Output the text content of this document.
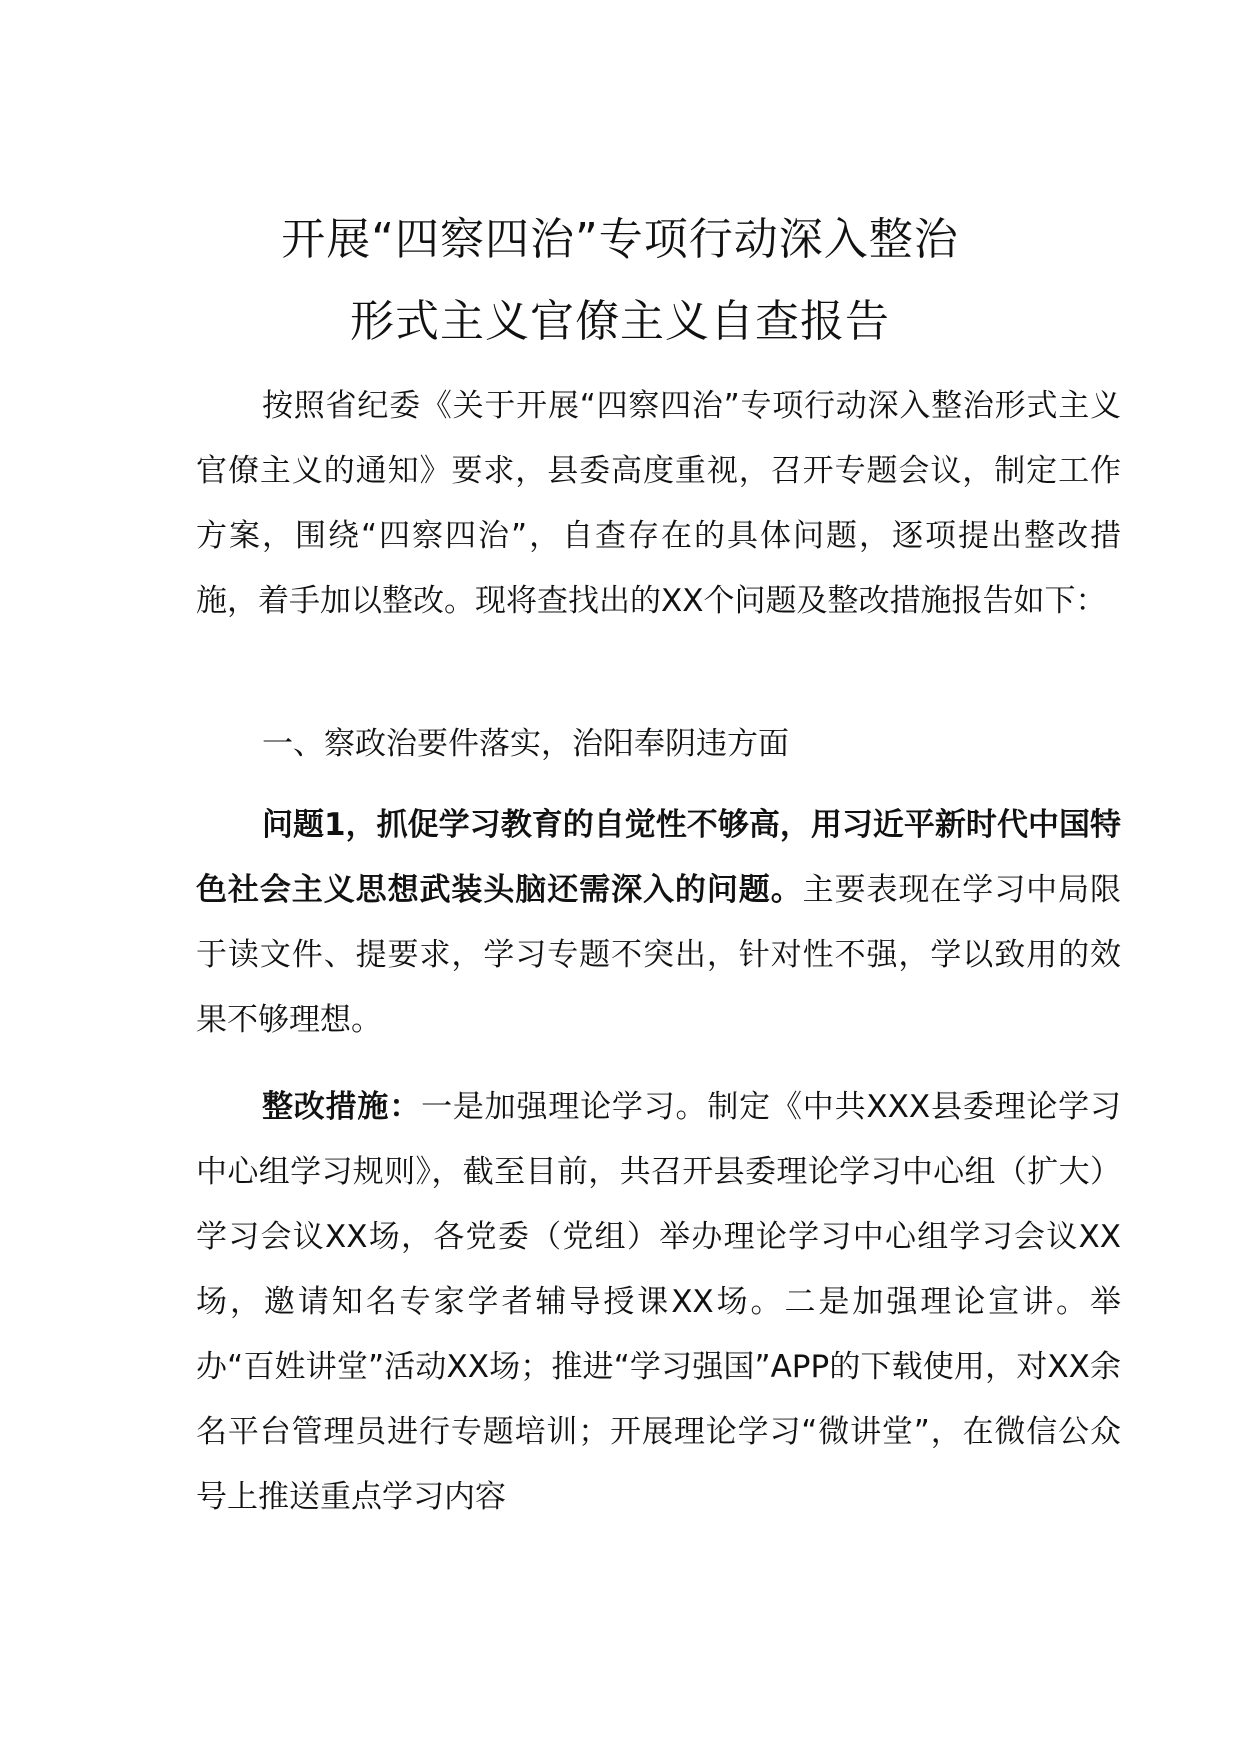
开展“四察四治”专项行动深入整治
形式主义官僚主义自查报告
按照省纪委《关于开展“四察四治”专项行动深入整治形式主义官僚主义的通知》要求，县委高度重视，召开专题会议，制定工作方案，围绕“四察四治”，自查存在的具体问题，逐项提出整改措施，着手加以整改。现将查找出的XX个问题及整改措施报告如下：
一、察政治要件落实，治阳奉阴违方面
问题1，抓促学习教育的自觉性不够高，用习近平新时代中国特色社会主义思想武装头脑还需深入的问题。主要表现在学习中局限于读文件、提要求，学习专题不突出，针对性不强，学以致用的效果不够理想。
整改措施：一是加强理论学习。制定《中共XXX县委理论学习中心组学习规则》，截至目前，共召开县委理论学习中心组（扩大）学习会议XX场，各党委（党组）举办理论学习中心组学习会议XX场，邀请知名专家学者辅导授课XX场。二是加强理论宣讲。举办“百姓讲堂”活动XX场；推进“学习强国”APP的下载使用，对XX余名平台管理员进行专题培训；开展理论学习“微讲堂”，在微信公众号上推送重点学习内容
